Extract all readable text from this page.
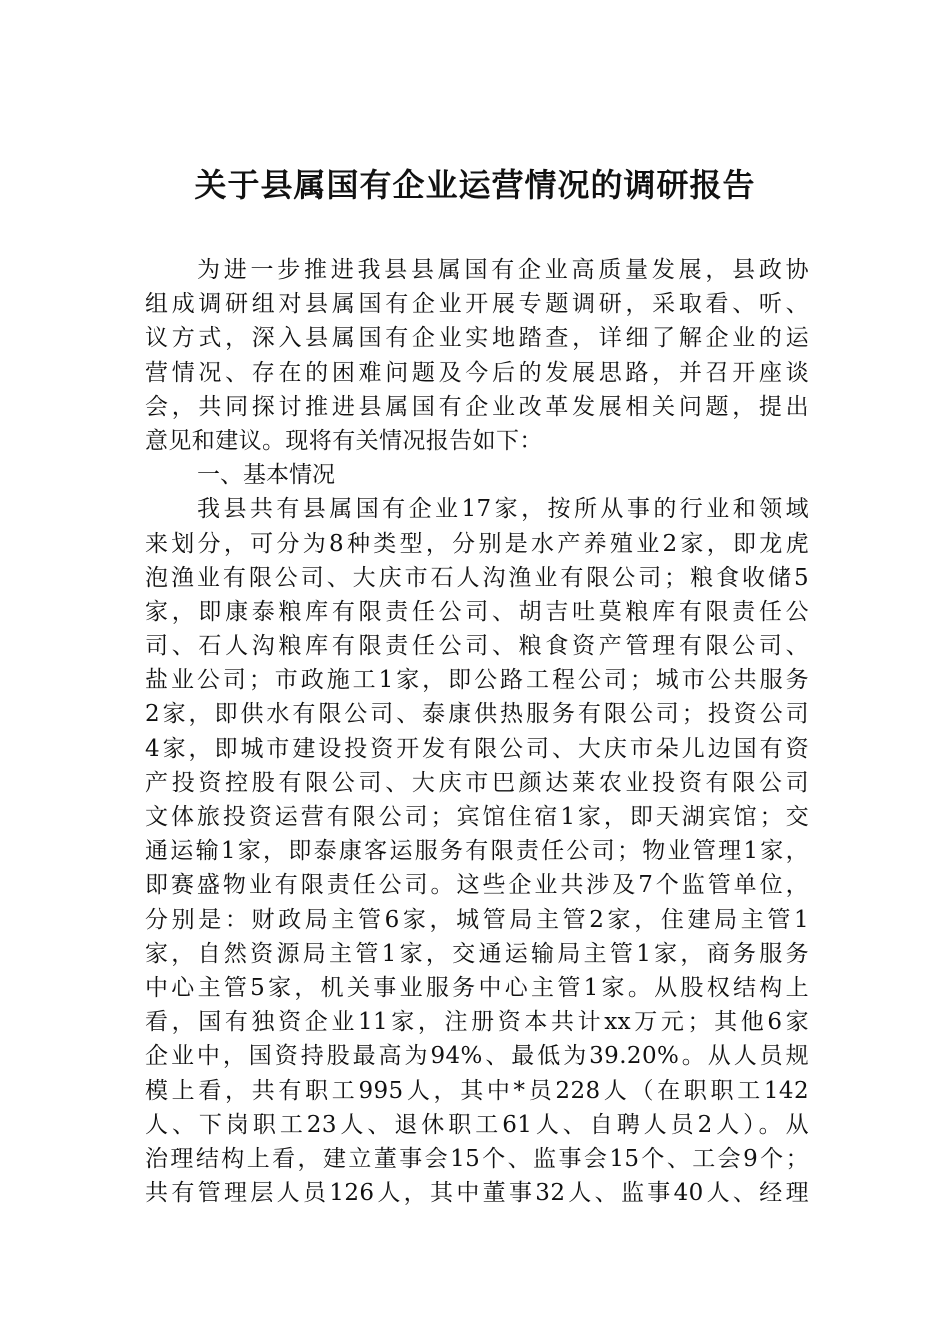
关于县属国有企业运营情况的调研报告
为进一步推进我县县属国有企业高质量发展，县政协
组成调研组对县属国有企业开展专题调研，采取看、听、
议方式，深入县属国有企业实地踏查，详细了解企业的运
营情况、存在的困难问题及今后的发展思路，并召开座谈
会，共同探讨推进县属国有企业改革发展相关问题，提出
意见和建议。现将有关情况报告如下：
一、基本情况
我县共有县属国有企业17家，按所从事的行业和领域
来划分，可分为8种类型，分别是水产养殖业2家，即龙虎
泡渔业有限公司、大庆市石人沟渔业有限公司；粮食收储5
家，即康泰粮库有限责任公司、胡吉吐莫粮库有限责任公
司、石人沟粮库有限责任公司、粮食资产管理有限公司、
盐业公司；市政施工1家，即公路工程公司；城市公共服务
2家，即供水有限公司、泰康供热服务有限公司；投资公司
4家，即城市建设投资开发有限公司、大庆市朵儿边国有资
产投资控股有限公司、大庆市巴颜达莱农业投资有限公司
文体旅投资运营有限公司；宾馆住宿1家，即天湖宾馆；交
通运输1家，即泰康客运服务有限责任公司；物业管理1家，
即赛盛物业有限责任公司。这些企业共涉及7个监管单位，
分别是：财政局主管6家，城管局主管2家，住建局主管1
家，自然资源局主管1家，交通运输局主管1家，商务服务
中心主管5家，机关事业服务中心主管1家。从股权结构上
看，国有独资企业11家，注册资本共计xx万元；其他6家
企业中，国资持股最高为94%、最低为39.20%。从人员规
模上看，共有职工995人，其中*员228人（在职职工142
人、下岗职工23人、退休职工61人、自聘人员2人）。从
治理结构上看，建立董事会15个、监事会15个、工会9个；
共有管理层人员126人，其中董事32人、监事40人、经理
